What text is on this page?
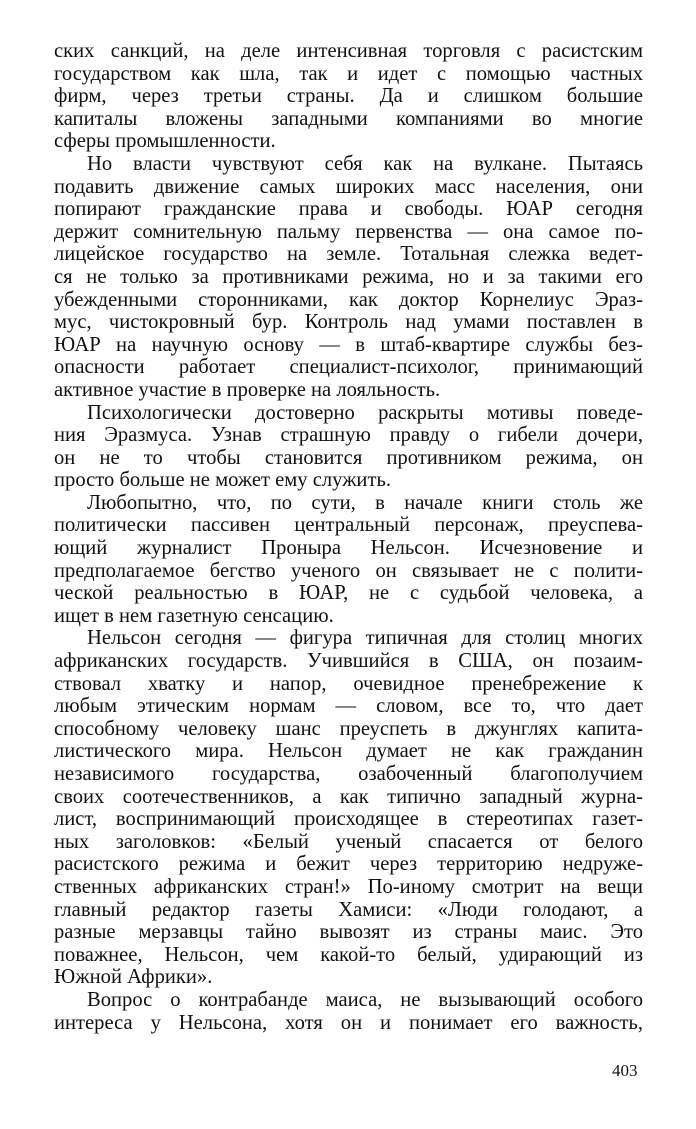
ских санкций, на деле интенсивная торговля с расистским
государством как шла, так и идет с помощью частных
фирм, через третьи страны. Да и слишком большие
капиталы вложены западными компаниями во многие
сферы промышленности.
Но власти чувствуют себя как на вулкане. Пытаясь
подавить движение самых широких масс населения, они
попирают гражданские права и свободы. ЮАР сегодня
держит сомнительную пальму первенства — она самое по-
лицейское государство на земле. Тотальная слежка ведет-
ся не только за противниками режима, но и за такими его
убежденными сторонниками, как доктор Корнелиус Эраз-
мус, чистокровный бур. Контроль над умами поставлен в
ЮАР на научную основу — в штаб-квартире службы без-
опасности работает специалист-психолог, принимающий
активное участие в проверке на лояльность.
Психологически достоверно раскрыты мотивы поведе-
ния Эразмуса. Узнав страшную правду о гибели дочери,
он не то чтобы становится противником режима, он
просто больше не может ему служить.
Любопытно, что, по сути, в начале книги столь же
политически пассивен центральный персонаж, преуспева-
ющий журналист Проныра Нельсон. Исчезновение и
предполагаемое бегство ученого он связывает не с полити-
ческой реальностью в ЮАР, не с судьбой человека, а
ищет в нем газетную сенсацию.
Нельсон сегодня — фигура типичная для столиц многих
африканских государств. Учившийся в США, он позаим-
ствовал хватку и напор, очевидное пренебрежение к
любым этическим нормам — словом, все то, что дает
способному человеку шанс преуспеть в джунглях капита-
листического мира. Нельсон думает не как гражданин
независимого государства, озабоченный благополучием
своих соотечественников, а как типично западный журна-
лист, воспринимающий происходящее в стереотипах газет-
ных заголовков: «Белый ученый спасается от белого
расистского режима и бежит через территорию недруже-
ственных африканских стран!» По-иному смотрит на вещи
главный редактор газеты Хамиси: «Люди голодают, а
разные мерзавцы тайно вывозят из страны маис. Это
поважнее, Нельсон, чем какой-то белый, удирающий из
Южной Африки».
Вопрос о контрабанде маиса, не вызывающий особого
интереса у Нельсона, хотя он и понимает его важность,
403
